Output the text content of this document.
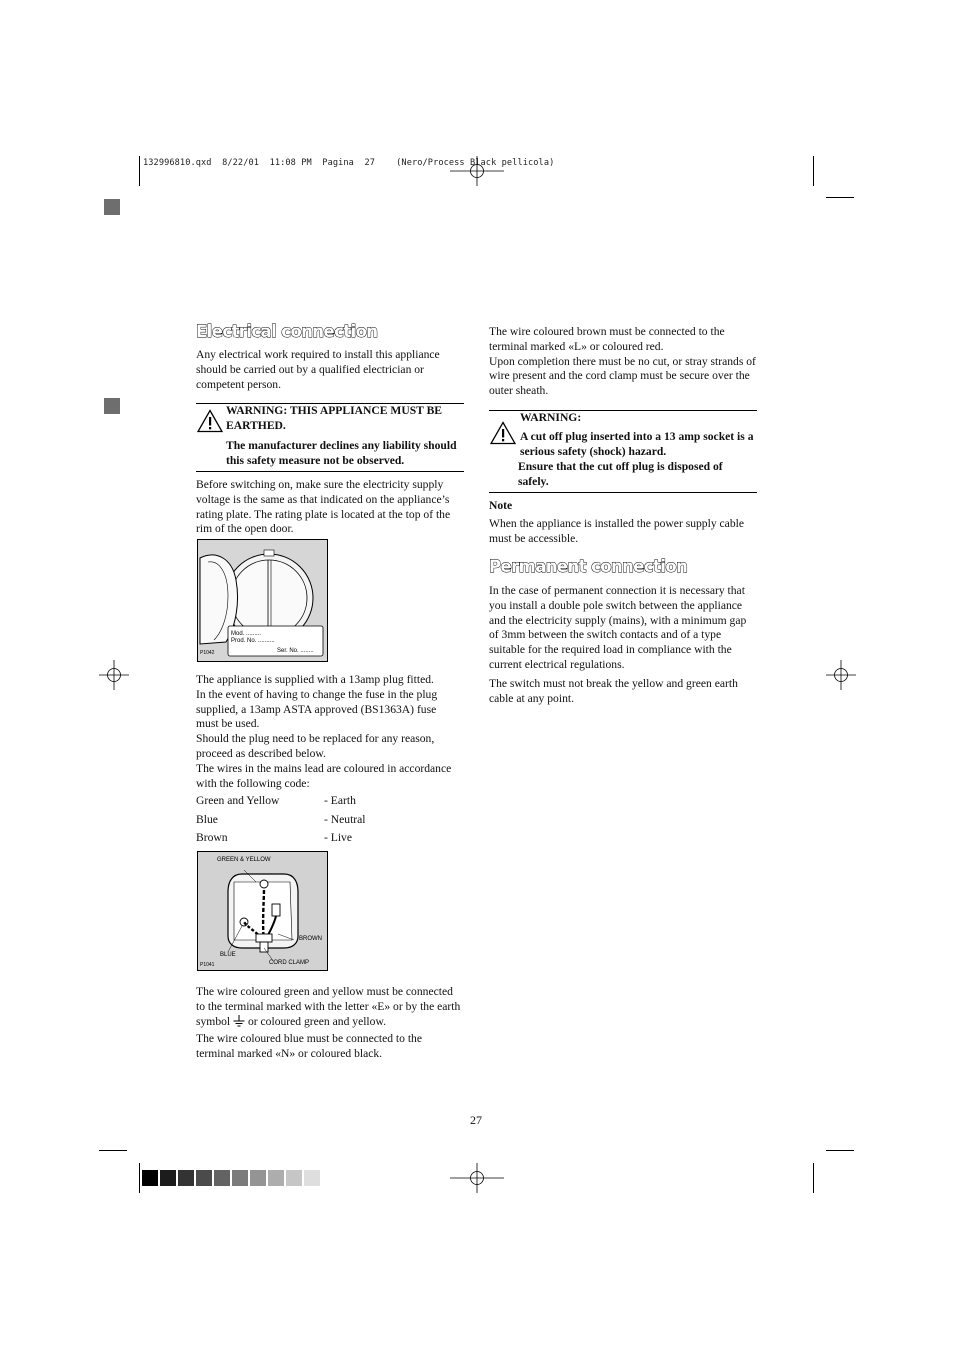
132996810.qxd  8/22/01  11:08 PM  Pagina  27    (Nero/Process Black pellicola)
Electrical connection

Any electrical work required to install this appliance should be carried out by a qualified electrician or competent person.

WARNING: THIS APPLIANCE MUST BE EARTHED.

The manufacturer declines any liability should this safety measure not be observed.

Before switching on, make sure the electricity supply voltage is the same as that indicated on the appliance’s rating plate. The rating plate is located at the top of the rim of the open door.

Mod. .........
Prod. No. ..........
Ser. No. ........
P1042

The appliance is supplied with a 13amp plug fitted.

In the event of having to change the fuse in the plug supplied, a 13amp ASTA approved (BS1363A) fuse must be used.

Should the plug need to be replaced for any reason, proceed as described below.

The wires in the mains lead are coloured in accordance with the following code:

Green and Yellow	- Earth
Blue	- Neutral
Brown	- Live
GREEN & YELLOW
BROWN
BLUE
CORD CLAMP
P1041

The wire coloured green and yellow must be connected to the terminal marked with the letter «E» or by the earth symbol or coloured green and yellow.

The wire coloured blue must be connected to the terminal marked «N» or coloured black.

The wire coloured brown must be connected to the terminal marked «L» or coloured red.

Upon completion there must be no cut, or stray strands of wire present and the cord clamp must be secure over the outer sheath.

WARNING:

A cut off plug inserted into a 13 amp socket is a serious safety (shock) hazard.

Ensure that the cut off plug is disposed of safely.

Note

When the appliance is installed the power supply cable must be accessible.

Permanent connection

In the case of permanent connection it is necessary that you install a double pole switch between the appliance and the electricity supply (mains), with a minimum gap of 3mm between the switch contacts and of a type suitable for the required load in compliance with the current electrical regulations.

The switch must not break the yellow and green earth cable at any point.

27
